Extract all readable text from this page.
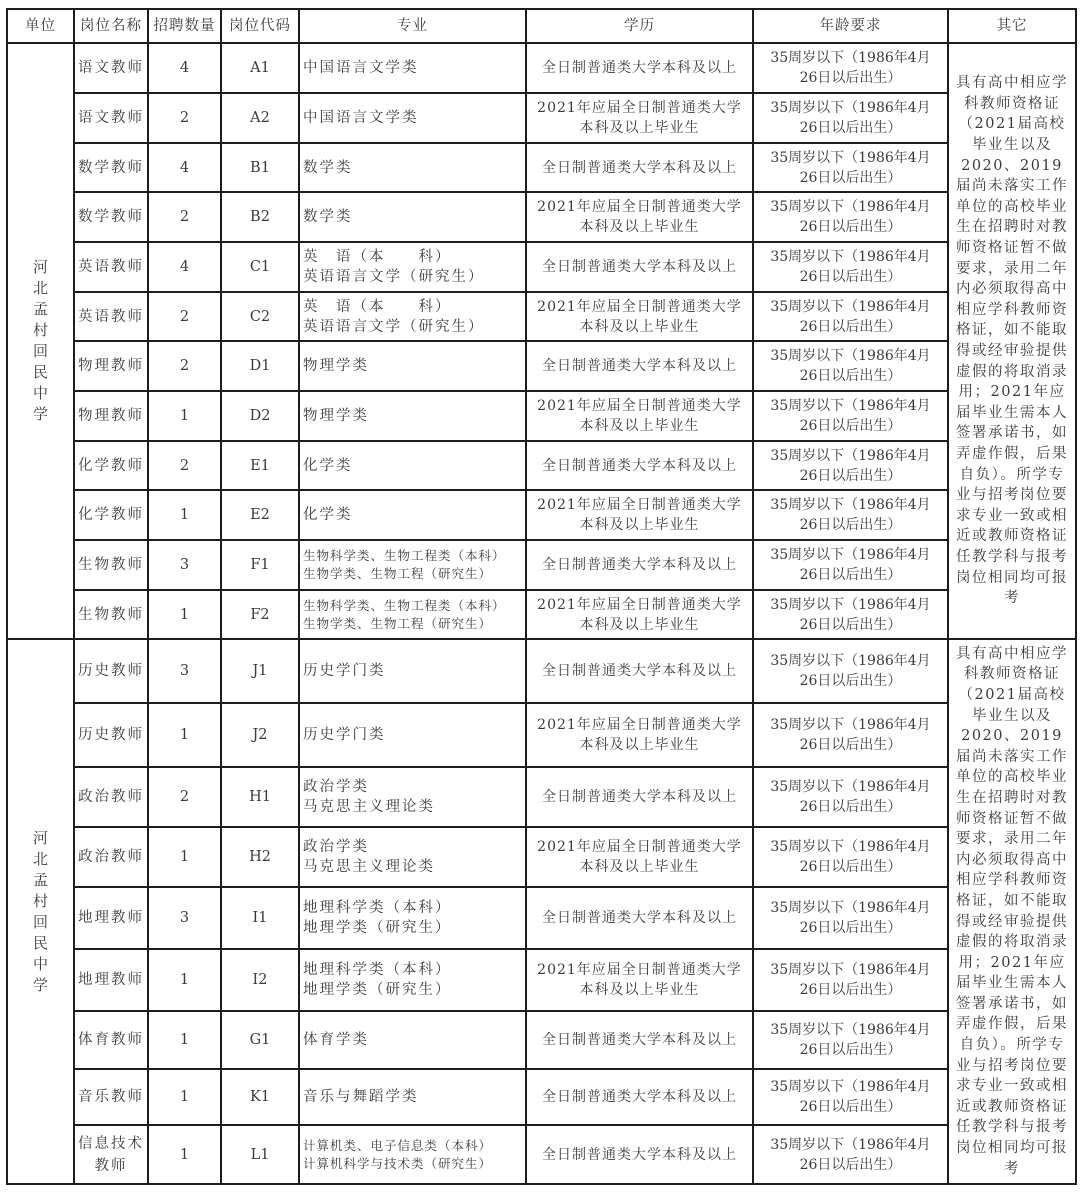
单位	岗位名称	招聘数量	岗位代码	专业	学历	年龄要求	其它

河北孟村回民中学	语文教师	4	A1	中国语言文学类	全日制普通类大学本科及以上	35周岁以下（1986年4月
26日以后出生）	具有高中相应学科教师资格证（2021届高校毕业生以及2020、2019届尚未落实工作单位的高校毕业生在招聘时对教师资格证暂不做要求，录用二年内必须取得高中相应学科教师资格证，如不能取得或经审验提供虚假的将取消录用；2021年应届毕业生需本人签署承诺书，如弄虚作假，后果自负）。所学专业与招考岗位要求专业一致或相近或教师资格证任教学科与报考岗位相同均可报考
	语文教师	2	A2	中国语言文学类	2021年应届全日制普通类大学
本科及以上毕业生	35周岁以下（1986年4月
26日以后出生）	

	数学教师	4	B1	数学类	全日制普通类大学本科及以上	35周岁以下（1986年4月
26日以后出生）	

	数学教师	2	B2	数学类	2021年应届全日制普通类大学
本科及以上毕业生	35周岁以下（1986年4月
26日以后出生）	

	英语教师	4	C1	英　语（本　　科）
英语语言文学（研究生）	全日制普通类大学本科及以上	35周岁以下（1986年4月
26日以后出生）	

	英语教师	2	C2	英　语（本　　科）
英语语言文学（研究生）	2021年应届全日制普通类大学
本科及以上毕业生	35周岁以下（1986年4月
26日以后出生）	

	物理教师	2	D1	物理学类	全日制普通类大学本科及以上	35周岁以下（1986年4月
26日以后出生）	

	物理教师	1	D2	物理学类	2021年应届全日制普通类大学
本科及以上毕业生	35周岁以下（1986年4月
26日以后出生）	

	化学教师	2	E1	化学类	全日制普通类大学本科及以上	35周岁以下（1986年4月
26日以后出生）	

	化学教师	1	E2	化学类	2021年应届全日制普通类大学
本科及以上毕业生	35周岁以下（1986年4月
26日以后出生）	

	生物教师	3	F1	生物科学类、生物工程类（本科）
生物学类、生物工程（研究生）	全日制普通类大学本科及以上	35周岁以下（1986年4月
26日以后出生）	

	生物教师	1	F2	生物科学类、生物工程类（本科）
生物学类、生物工程（研究生）	2021年应届全日制普通类大学
本科及以上毕业生	35周岁以下（1986年4月
26日以后出生）	

河北孟村回民中学	历史教师	3	J1	历史学门类	全日制普通类大学本科及以上	35周岁以下（1986年4月
26日以后出生）	具有高中相应学科教师资格证（2021届高校毕业生以及2020、2019届尚未落实工作单位的高校毕业生在招聘时对教师资格证暂不做要求，录用二年内必须取得高中相应学科教师资格证，如不能取得或经审验提供虚假的将取消录用；2021年应届毕业生需本人签署承诺书，如弄虚作假，后果自负）。所学专业与招考岗位要求专业一致或相近或教师资格证任教学科与报考岗位相同均可报考
	历史教师	1	J2	历史学门类	2021年应届全日制普通类大学
本科及以上毕业生	35周岁以下（1986年4月
26日以后出生）	

	政治教师	2	H1	政治学类
马克思主义理论类	全日制普通类大学本科及以上	35周岁以下（1986年4月
26日以后出生）	

	政治教师	1	H2	政治学类
马克思主义理论类	2021年应届全日制普通类大学
本科及以上毕业生	35周岁以下（1986年4月
26日以后出生）	

	地理教师	3	I1	地理科学类（本科）
地理学类（研究生）	全日制普通类大学本科及以上	35周岁以下（1986年4月
26日以后出生）	

	地理教师	1	I2	地理科学类（本科）
地理学类（研究生）	2021年应届全日制普通类大学
本科及以上毕业生	35周岁以下（1986年4月
26日以后出生）	

	体育教师	1	G1	体育学类	全日制普通类大学本科及以上	35周岁以下（1986年4月
26日以后出生）	

	音乐教师	1	K1	音乐与舞蹈学类	全日制普通类大学本科及以上	35周岁以下（1986年4月
26日以后出生）	

	信息技术教师	1	L1	计算机类、电子信息类（本科）
计算机科学与技术类（研究生）	全日制普通类大学本科及以上	35周岁以下（1986年4月
26日以后出生）	
